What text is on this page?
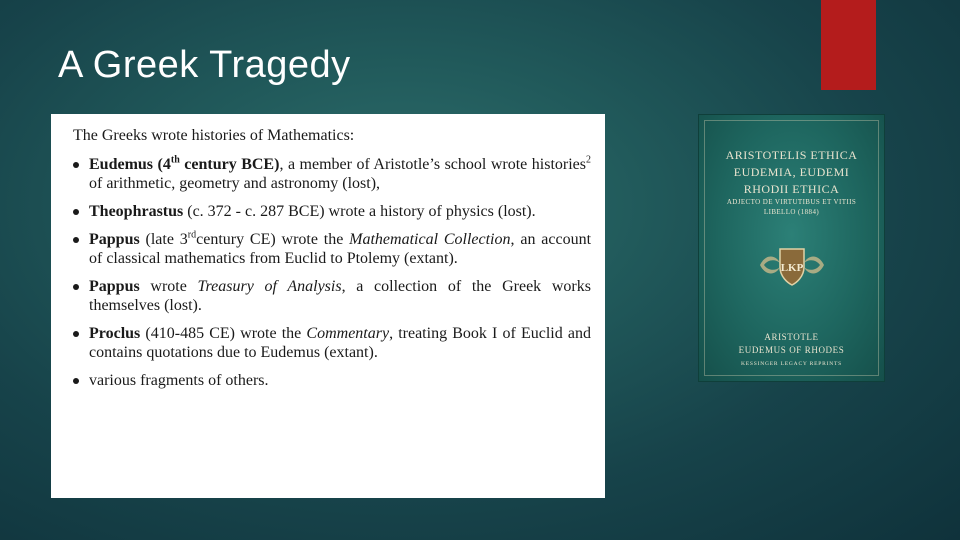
A Greek Tragedy
The Greeks wrote histories of Mathematics:
Eudemus (4th century BCE), a member of Aristotle’s school wrote histories$^2$ of arithmetic, geometry and astronomy (lost),
Theophrastus (c. 372 - c. 287 BCE) wrote a history of physics (lost).
Pappus (late 3rdcentury CE) wrote the Mathematical Collection, an account of classical mathematics from Euclid to Ptolemy (extant).
Pappus wrote Treasury of Analysis, a collection of the Greek works themselves (lost).
Proclus (410-485 CE) wrote the Commentary, treating Book I of Euclid and contains quotations due to Eudemus (extant).
various fragments of others.
ARISTOTELIS ETHICA
EUDEMIA, EUDEMI
RHODII ETHICA
ADJECTO DE VIRTUTIBUS ET VITIIS
LIBELLO (1884)
LKP
ARISTOTLE
EUDEMUS OF RHODES
KESSINGER LEGACY REPRINTS
